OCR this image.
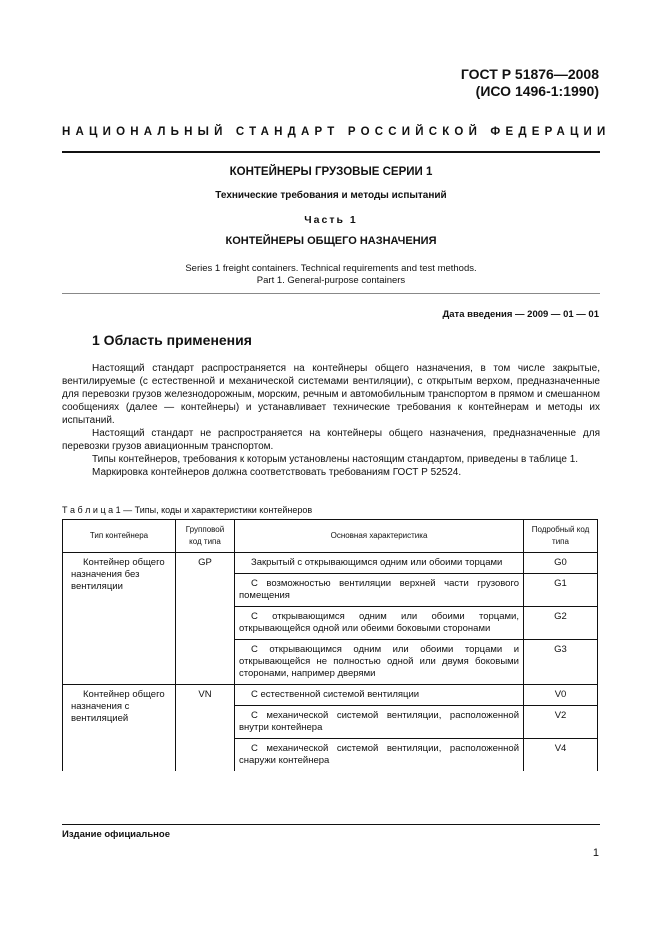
ГОСТ Р 51876—2008
(ИСО 1496-1:1990)
НАЦИОНАЛЬНЫЙ СТАНДАРТ РОССИЙСКОЙ ФЕДЕРАЦИИ
КОНТЕЙНЕРЫ ГРУЗОВЫЕ СЕРИИ 1
Технические требования и методы испытаний
Часть 1
КОНТЕЙНЕРЫ ОБЩЕГО НАЗНАЧЕНИЯ
Series 1 freight containers. Technical requirements and test methods.
Part 1. General-purpose containers
Дата введения — 2009 — 01 — 01
1 Область применения

Настоящий стандарт распространяется на контейнеры общего назначения, в том числе закрытые, вентилируемые (с естественной и механической системами вентиляции), с открытым верхом, предназначенные для перевозки грузов железнодорожным, морским, речным и автомобильным транспортом в прямом и смешанном сообщениях (далее — контейнеры) и устанавливает технические требования к контейнерам и методы их испытаний.

Настоящий стандарт не распространяется на контейнеры общего назначения, предназначенные для перевозки грузов авиационным транспортом.

Типы контейнеров, требования к которым установлены настоящим стандартом, приведены в таблице 1.

Маркировка контейнеров должна соответствовать требованиям ГОСТ Р 52524.

Т а б л и ц а 1 — Типы, коды и характеристики контейнеров
Тип контейнера	Групповой код типа	Основная характеристика	Подробный код типа
Контейнер общего назначения без вентиляции	GP	Закрытый с открывающимся одним или обоими торцами	G0
		С возможностью вентиляции верхней части грузового помещения	G1
		С открывающимся одним или обоими торцами, открывающейся одной или обеими боковыми сторонами	G2
		С открывающимся одним или обоими торцами и открывающейся не полностью одной или двумя боковыми сторонами, например дверями	G3
Контейнер общего назначения с вентиляцией	VN	С естественной системой вентиляции	V0
		С механической системой вентиляции, расположенной внутри контейнера	V2
		С механической системой вентиляции, расположенной снаружи контейнера	V4
Издание официальное
1
